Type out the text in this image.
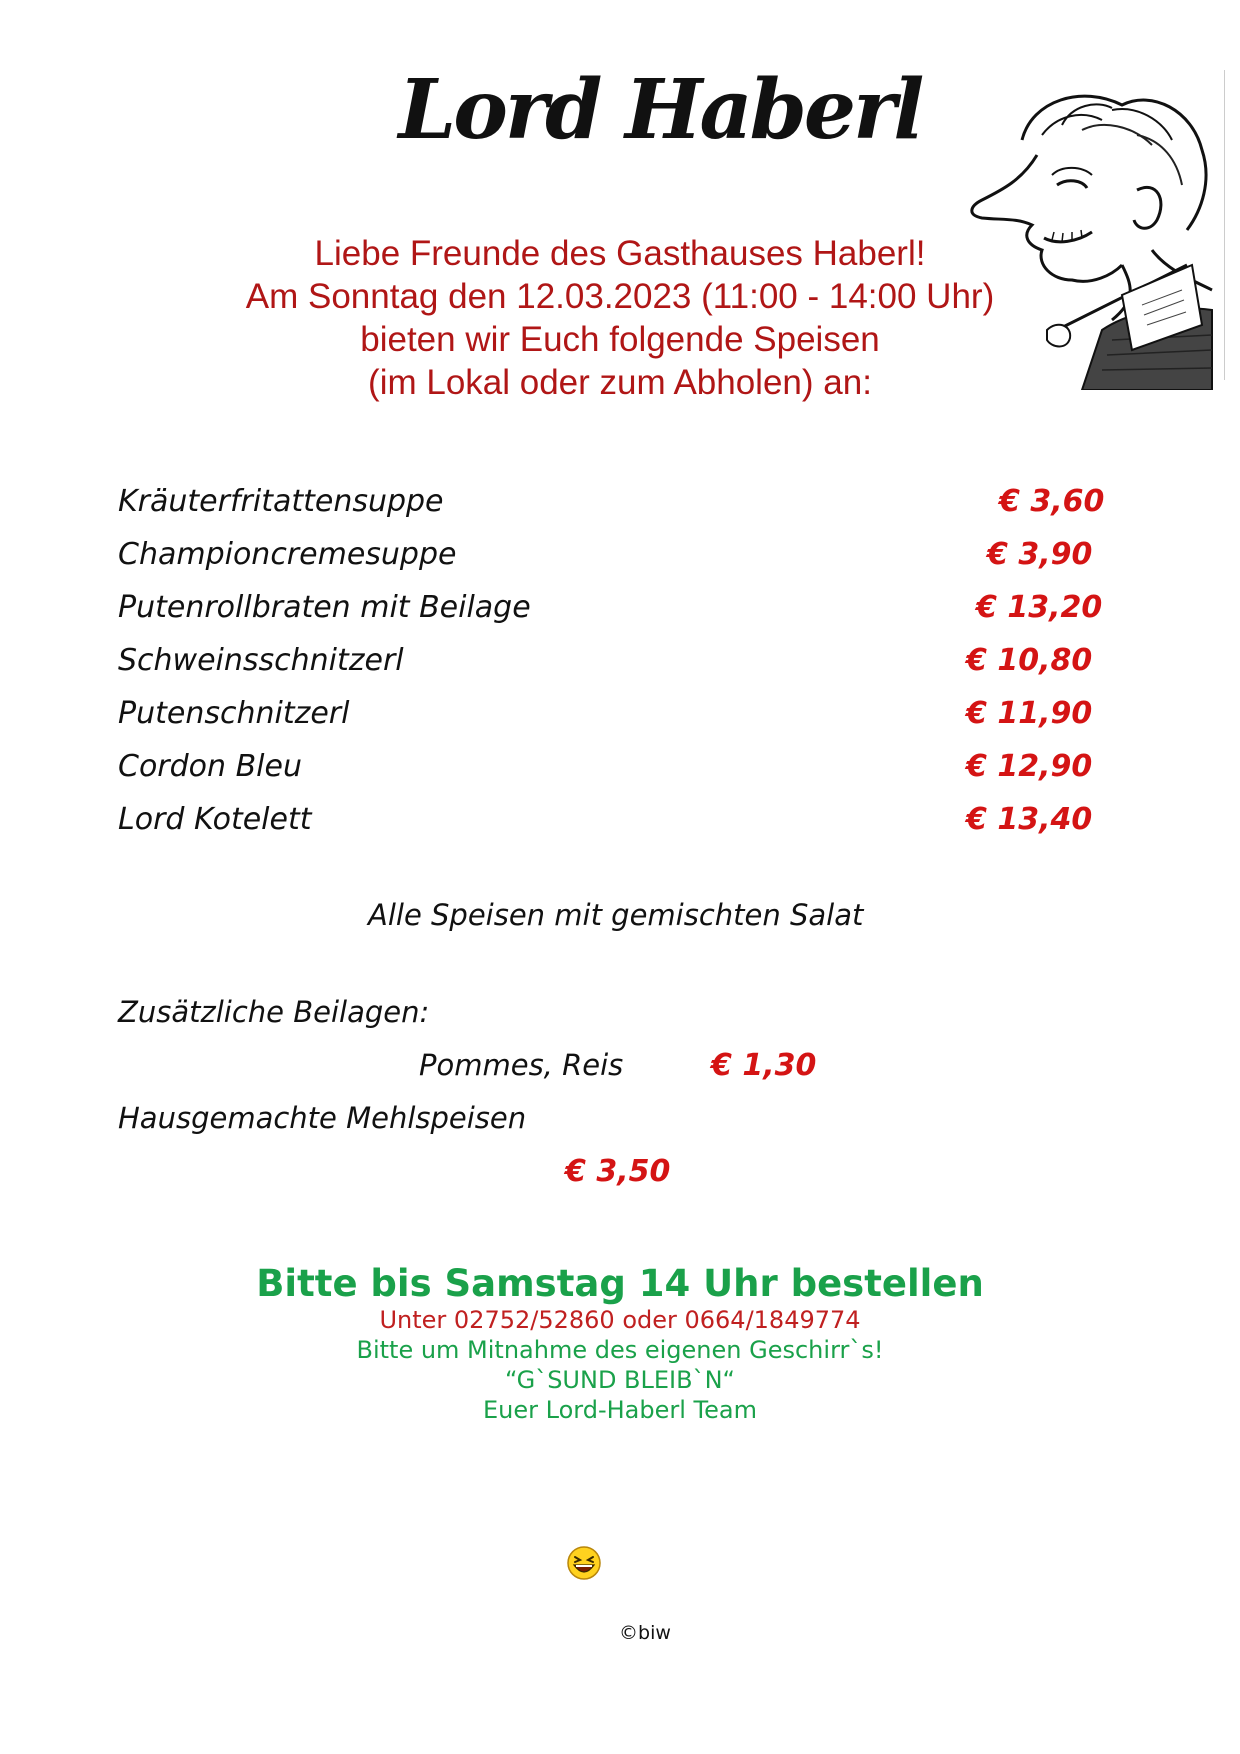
Lord Haberl
Liebe Freunde des Gasthauses Haberl!
Am Sonntag den 12.03.2023 (11:00 - 14:00 Uhr)
bieten wir Euch folgende Speisen
(im Lokal oder zum Abholen) an:
Kräuterfritattensuppe	€ 3,60
Championcremesuppe	€ 3,90
Putenrollbraten mit Beilage	€ 13,20
Schweinsschnitzerl	€ 10,80
Putenschnitzerl	€ 11,90
Cordon Bleu	€ 12,90
Lord Kotelett	€ 13,40
Alle Speisen mit gemischten Salat
Zusätzliche Beilagen:
Pommes, Reis	€ 1,30
Hausgemachte Mehlspeisen
€ 3,50
Bitte bis Samstag 14 Uhr bestellen
Unter 02752/52860 oder 0664/1849774
Bitte um Mitnahme des eigenen Geschirr`s!
“G`SUND BLEIB`N“
Euer Lord-Haberl Team
©biw
